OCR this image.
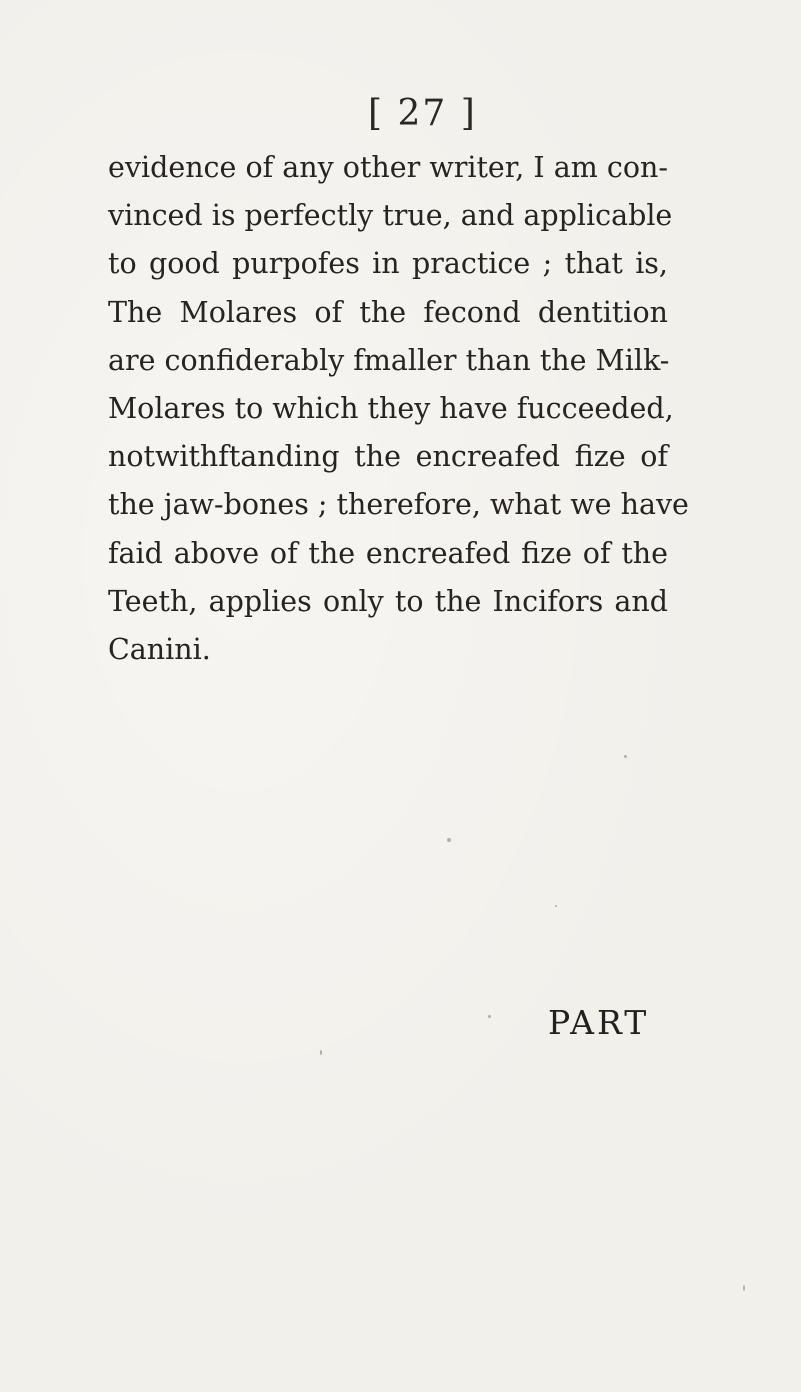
[ 27 ]
evidence of any other writer, I am con-
vinced is perfectly true, and applicable
to good purpofes in practice ; that is,
The Molares of the fecond dentition
are confiderably fmaller than the Milk-
Molares to which they have fucceeded,
notwithftanding the encreafed fize of
the jaw-bones ; therefore, what we have
faid above of the encreafed fize of the
Teeth, applies only to the Incifors and
Canini.
PART
